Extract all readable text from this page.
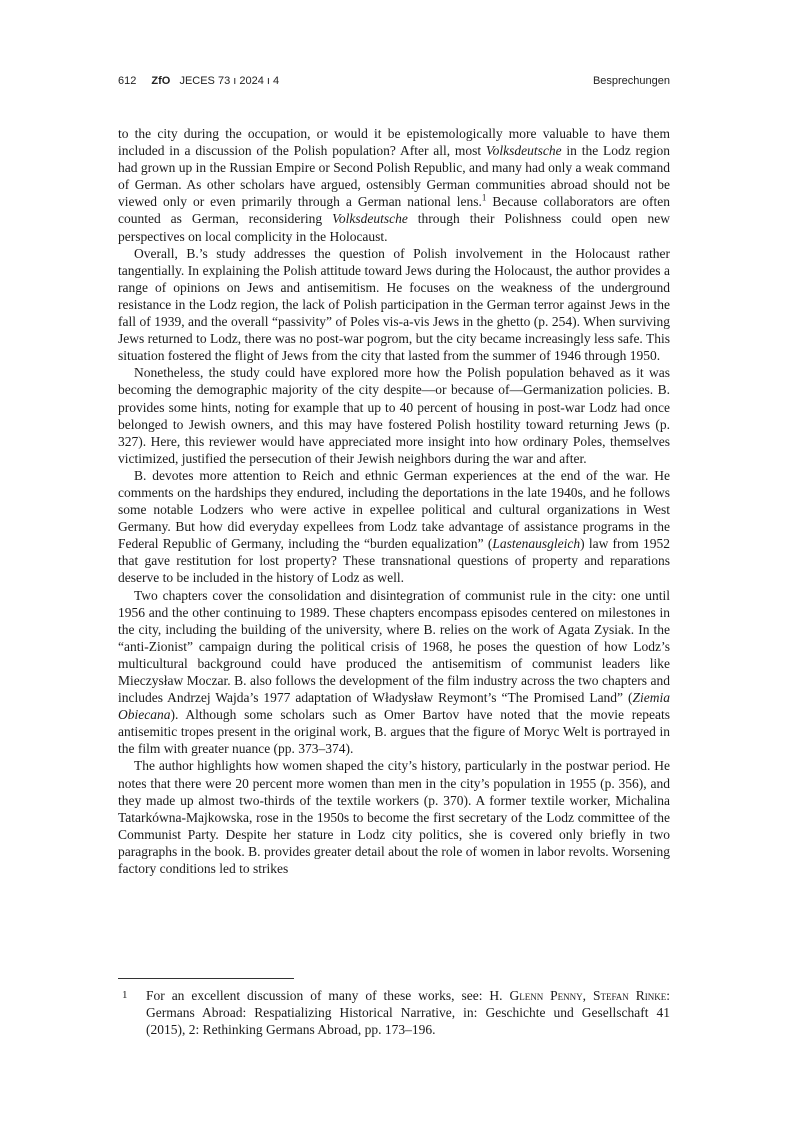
612 ZfO JECES 73 ı 2024 ı 4	Besprechungen

to the city during the occupation, or would it be epistemologically more valuable to have them included in a discussion of the Polish population? After all, most Volksdeutsche in the Lodz region had grown up in the Russian Empire or Second Polish Republic, and many had only a weak command of German. As other scholars have argued, ostensibly German communities abroad should not be viewed only or even primarily through a German national lens.$^1$ Because collaborators are often counted as German, reconsidering Volksdeutsche through their Polishness could open new perspectives on local complicity in the Holocaust.

Overall, B.’s study addresses the question of Polish involvement in the Holocaust rather tangentially. In explaining the Polish attitude toward Jews during the Holocaust, the author provides a range of opinions on Jews and antisemitism. He focuses on the weakness of the underground resistance in the Lodz region, the lack of Polish participation in the German terror against Jews in the fall of 1939, and the overall “passivity” of Poles vis-a-vis Jews in the ghetto (p. 254). When surviving Jews returned to Lodz, there was no post-war pogrom, but the city became increasingly less safe. This situation fostered the flight of Jews from the city that lasted from the summer of 1946 through 1950.

Nonetheless, the study could have explored more how the Polish population behaved as it was becoming the demographic majority of the city despite—or because of—Germanization policies. B. provides some hints, noting for example that up to 40 percent of housing in post-war Lodz had once belonged to Jewish owners, and this may have fostered Polish hostility toward returning Jews (p. 327). Here, this reviewer would have appreciated more insight into how ordinary Poles, themselves victimized, justified the persecution of their Jewish neighbors during the war and after.

B. devotes more attention to Reich and ethnic German experiences at the end of the war. He comments on the hardships they endured, including the deportations in the late 1940s, and he follows some notable Lodzers who were active in expellee political and cultural organizations in West Germany. But how did everyday expellees from Lodz take advantage of assistance programs in the Federal Republic of Germany, including the “burden equalization” (Lastenausgleich) law from 1952 that gave restitution for lost property? These transnational questions of property and reparations deserve to be included in the history of Lodz as well.

Two chapters cover the consolidation and disintegration of communist rule in the city: one until 1956 and the other continuing to 1989. These chapters encompass episodes centered on milestones in the city, including the building of the university, where B. relies on the work of Agata Zysiak. In the “anti-Zionist” campaign during the political crisis of 1968, he poses the question of how Lodz’s multicultural background could have produced the antisemitism of communist leaders like Mieczysław Moczar. B. also follows the development of the film industry across the two chapters and includes Andrzej Wajda’s 1977 adaptation of Władysław Reymont’s “The Promised Land” (Ziemia Obiecana). Although some scholars such as Omer Bartov have noted that the movie repeats antisemitic tropes present in the original work, B. argues that the figure of Moryc Welt is portrayed in the film with greater nuance (pp. 373–374).

The author highlights how women shaped the city’s history, particularly in the postwar period. He notes that there were 20 percent more women than men in the city’s population in 1955 (p. 356), and they made up almost two-thirds of the textile workers (p. 370). A former textile worker, Michalina Tatarkówna-Majkowska, rose in the 1950s to become the first secretary of the Lodz committee of the Communist Party. Despite her stature in Lodz city politics, she is covered only briefly in two paragraphs in the book. B. provides greater detail about the role of women in labor revolts. Worsening factory conditions led to strikes

1 For an excellent discussion of many of these works, see: H. Glenn Penny, Stefan Rinke: Germans Abroad: Respatializing Historical Narrative, in: Geschichte und Gesellschaft 41 (2015), 2: Rethinking Germans Abroad, pp. 173–196.
